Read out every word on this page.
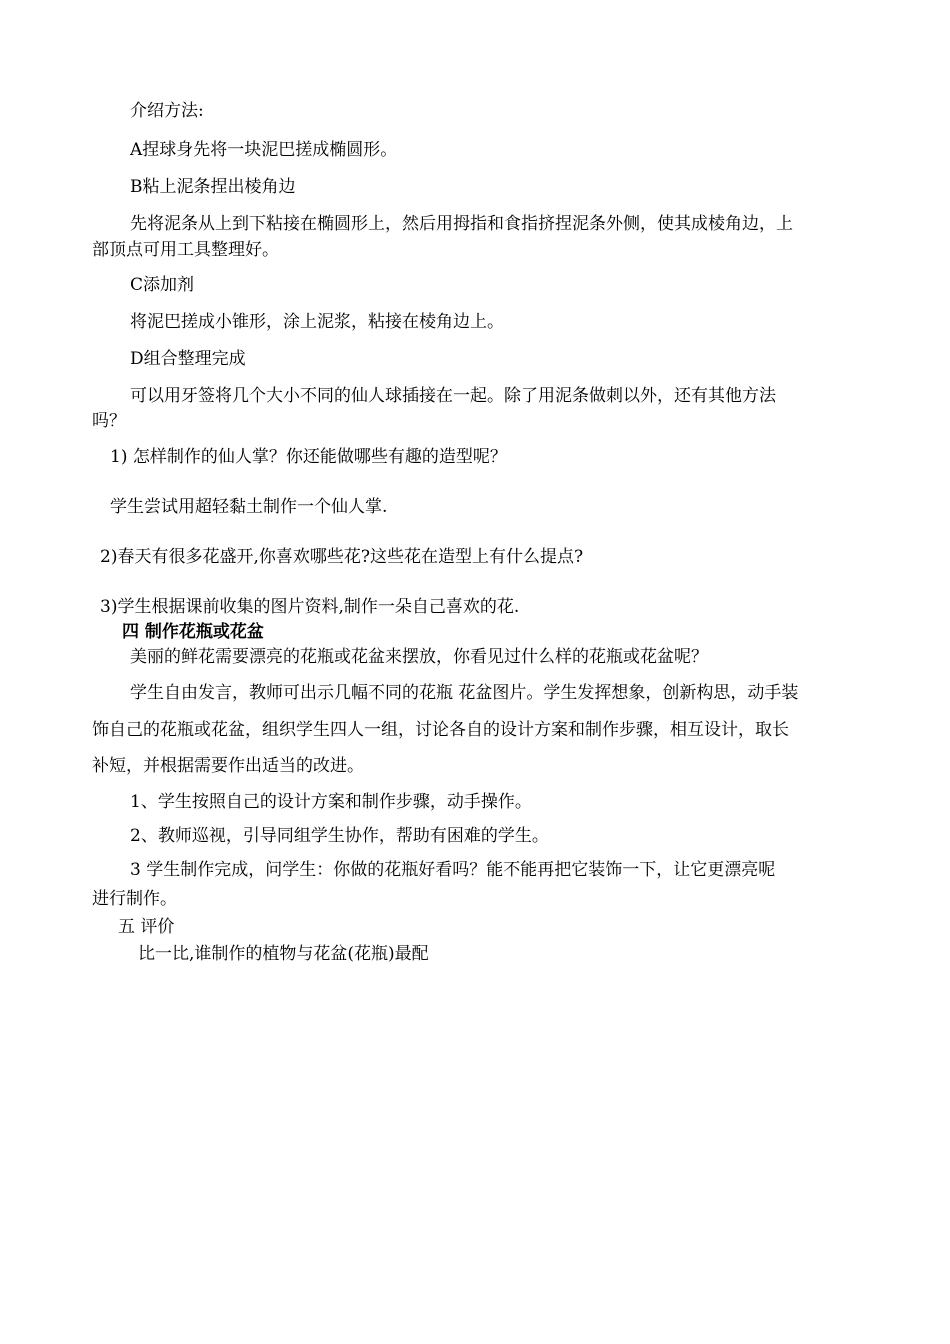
介绍方法:

A捏球身先将一块泥巴搓成椭圆形。

B粘上泥条捏出棱角边

先将泥条从上到下粘接在椭圆形上，然后用拇指和食指挤捏泥条外侧，使其成棱角边，上

部顶点可用工具整理好。

C添加剂

将泥巴搓成小锥形，涂上泥浆，粘接在棱角边上。

D组合整理完成

可以用牙签将几个大小不同的仙人球插接在一起。除了用泥条做刺以外，还有其他方法

吗？

1) 怎样制作的仙人掌？你还能做哪些有趣的造型呢？

学生尝试用超轻黏土制作一个仙人掌.

2)春天有很多花盛开,你喜欢哪些花?这些花在造型上有什么提点?

3)学生根据课前收集的图片资料,制作一朵自己喜欢的花.

四 制作花瓶或花盆

美丽的鲜花需要漂亮的花瓶或花盆来摆放，你看见过什么样的花瓶或花盆呢？

学生自由发言，教师可出示几幅不同的花瓶 花盆图片。学生发挥想象，创新构思，动手装

饰自己的花瓶或花盆，组织学生四人一组，讨论各自的设计方案和制作步骤，相互设计，取长

补短，并根据需要作出适当的改进。

1、学生按照自己的设计方案和制作步骤，动手操作。

2、教师巡视，引导同组学生协作，帮助有困难的学生。

3 学生制作完成，问学生：你做的花瓶好看吗？能不能再把它装饰一下，让它更漂亮呢

进行制作。

五 评价

比一比,谁制作的植物与花盆(花瓶)最配
